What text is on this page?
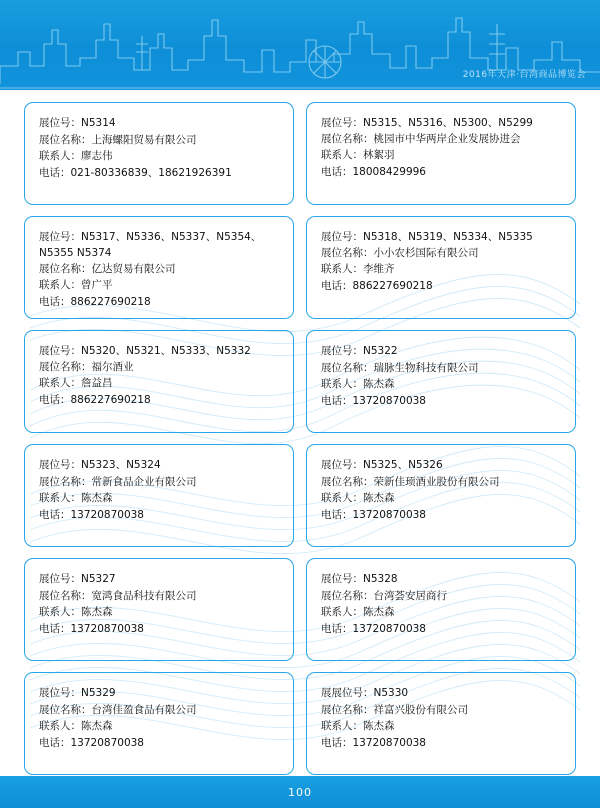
2016年天津·台湾商品博览会
展位号：N5314
展位名称：上海螺阳贸易有限公司
联系人：廖志伟
电话：021-80336839、18621926391
展位号：N5315、N5316、N5300、N5299
展位名称：桃园市中华两岸企业发展协进会
联系人：林絮羽
电话：18008429996
展位号：N5317、N5336、N5337、N5354、N5355 N5374
展位名称：亿达贸易有限公司
联系人：曾广平
电话：886227690218
展位号：N5318、N5319、N5334、N5335
展位名称：小小农杉国际有限公司
联系人：李维齐
电话：886227690218
展位号：N5320、N5321、N5333、N5332
展位名称：福尔酒业
联系人：詹益昌
电话：886227690218
展位号：N5322
展位名称：瑞脉生物科技有限公司
联系人：陈杰森
电话：13720870038
展位号：N5323、N5324
展位名称：常新食品企业有限公司
联系人：陈杰森
电话：13720870038
展位号：N5325、N5326
展位名称：荣新佳顼酒业股份有限公司
联系人：陈杰森
电话：13720870038
展位号：N5327
展位名称：宽鸿食品科技有限公司
联系人：陈杰森
电话：13720870038
展位号：N5328
展位名称：台湾荟安居商行
联系人：陈杰森
电话：13720870038
展位号：N5329
展位名称：台湾佳盈食品有限公司
联系人：陈杰森
电话：13720870038
展展位号：N5330
展位名称：祥富兴股份有限公司
联系人：陈杰森
电话：13720870038
100
